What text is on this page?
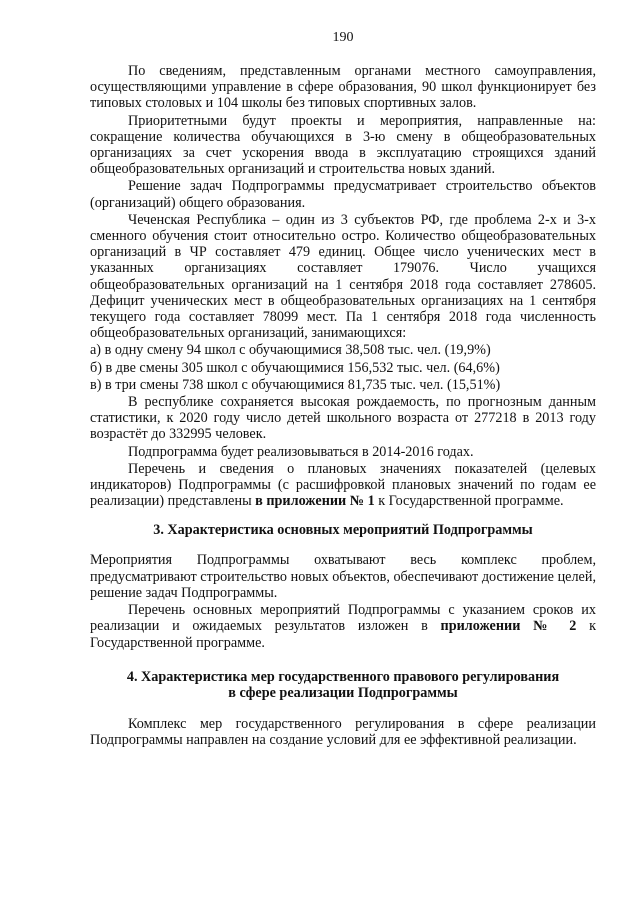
190

По сведениям, представленным органами местного самоуправления, осуществляющими управление в сфере образования, 90 школ функционирует без типовых столовых и 104 школы без типовых спортивных залов.

Приоритетными будут проекты и мероприятия, направленные на: сокращение количества обучающихся в 3-ю смену в общеобразовательных организациях за счет ускорения ввода в эксплуатацию строящихся зданий общеобразовательных организаций и строительства новых зданий.

Решение задач Подпрограммы предусматривает строительство объектов (организаций) общего образования.

Чеченская Республика – один из 3 субъектов РФ, где проблема 2-х и 3-х сменного обучения стоит относительно остро. Количество общеобразовательных организаций в ЧР составляет 479 единиц. Общее число ученических мест в указанных организациях составляет 179076. Число учащихся общеобразовательных организаций на 1 сентября 2018 года составляет 278605. Дефицит ученических мест в общеобразовательных организациях на 1 сентября текущего года составляет 78099 мест. Па 1 сентября 2018 года численность общеобразовательных организаций, занимающихся:

а) в одну смену 94 школ с обучающимися 38,508 тыс. чел. (19,9%)

б) в две смены 305 школ с обучающимися 156,532 тыс. чел. (64,6%)

в) в три смены 738 школ с обучающимися 81,735 тыс. чел. (15,51%)

В республике сохраняется высокая рождаемость, по прогнозным данным статистики, к 2020 году число детей школьного возраста от 277218 в 2013 году возрастёт до 332995 человек.

Подпрограмма будет реализовываться в 2014-2016 годах.

Перечень и сведения о плановых значениях показателей (целевых индикаторов) Подпрограммы (с расшифровкой плановых значений по годам ее реализации) представлены в приложении № 1 к Государственной программе.

3. Характеристика основных мероприятий Подпрограммы

Мероприятия Подпрограммы охватывают весь комплекс проблем, предусматривают строительство новых объектов, обеспечивают достижение целей, решение задач Подпрограммы.

Перечень основных мероприятий Подпрограммы с указанием сроков их реализации и ожидаемых результатов изложен в приложении № 2 к Государственной программе.

4. Характеристика мер государственного правового регулирования

в сфере реализации Подпрограммы

Комплекс мер государственного регулирования в сфере реализации Подпрограммы направлен на создание условий для ее эффективной реализации.
